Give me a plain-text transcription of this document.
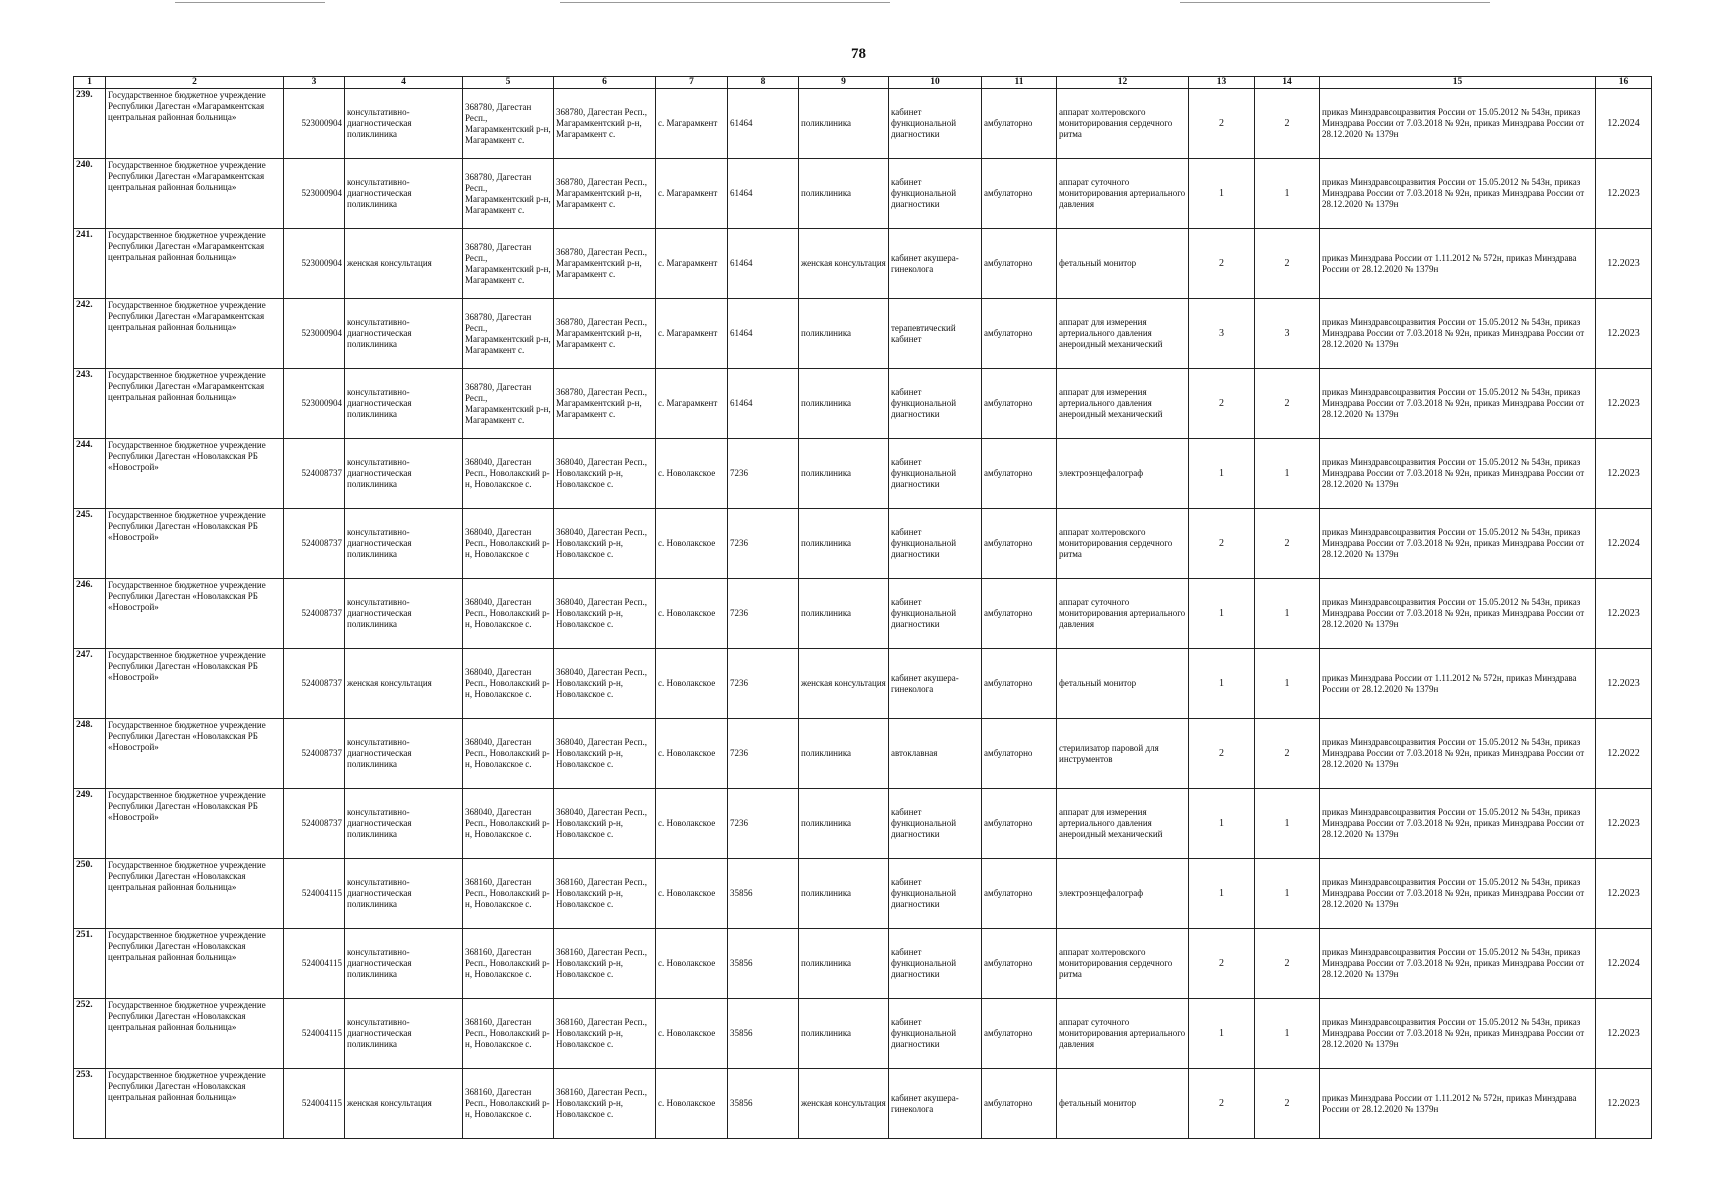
78
1	2	3	4	5	6	7	8	9	10	11	12	13	14	15	16
239.	Государственное бюджетное учреждение Республики Дагестан «Магарамкентская центральная районная больница»	523000904	консультативно-диагностическая поликлиника	368780, Дагестан Респ., Магарамкентский р-н, Магарамкент с.	368780, Дагестан Респ., Магарамкентский р-н, Магарамкент с.	с. Магарамкент	61464	поликлиника	кабинет функциональной диагностики	амбулаторно	аппарат холтеровского мониторирования сердечного ритма	2	2	приказ Минздравсоцразвития России от 15.05.2012 № 543н, приказ Минздрава России от 7.03.2018 № 92н, приказ Минздрава России от 28.12.2020 № 1379н	12.2024
240.	Государственное бюджетное учреждение Республики Дагестан «Магарамкентская центральная районная больница»	523000904	консультативно-диагностическая поликлиника	368780, Дагестан Респ., Магарамкентский р-н, Магарамкент с.	368780, Дагестан Респ., Магарамкентский р-н, Магарамкент с.	с. Магарамкент	61464	поликлиника	кабинет функциональной диагностики	амбулаторно	аппарат суточного мониторирования артериального давления	1	1	приказ Минздравсоцразвития России от 15.05.2012 № 543н, приказ Минздрава России от 7.03.2018 № 92н, приказ Минздрава России от 28.12.2020 № 1379н	12.2023
241.	Государственное бюджетное учреждение Республики Дагестан «Магарамкентская центральная районная больница»	523000904	женская консультация	368780, Дагестан Респ., Магарамкентский р-н, Магарамкент с.	368780, Дагестан Респ., Магарамкентский р-н, Магарамкент с.	с. Магарамкент	61464	женская консультация	кабинет акушера-гинеколога	амбулаторно	фетальный монитор	2	2	приказ Минздрава России от 1.11.2012 № 572н, приказ Минздрава России от 28.12.2020 № 1379н	12.2023
242.	Государственное бюджетное учреждение Республики Дагестан «Магарамкентская центральная районная больница»	523000904	консультативно-диагностическая поликлиника	368780, Дагестан Респ., Магарамкентский р-н, Магарамкент с.	368780, Дагестан Респ., Магарамкентский р-н, Магарамкент с.	с. Магарамкент	61464	поликлиника	терапевтический кабинет	амбулаторно	аппарат для измерения артериального давления анероидный механический	3	3	приказ Минздравсоцразвития России от 15.05.2012 № 543н, приказ Минздрава России от 7.03.2018 № 92н, приказ Минздрава России от 28.12.2020 № 1379н	12.2023
243.	Государственное бюджетное учреждение Республики Дагестан «Магарамкентская центральная районная больница»	523000904	консультативно-диагностическая поликлиника	368780, Дагестан Респ., Магарамкентский р-н, Магарамкент с.	368780, Дагестан Респ., Магарамкентский р-н, Магарамкент с.	с. Магарамкент	61464	поликлиника	кабинет функциональной диагностики	амбулаторно	аппарат для измерения артериального давления анероидный механический	2	2	приказ Минздравсоцразвития России от 15.05.2012 № 543н, приказ Минздрава России от 7.03.2018 № 92н, приказ Минздрава России от 28.12.2020 № 1379н	12.2023
244.	Государственное бюджетное учреждение Республики Дагестан «Новолакская РБ «Новострой»	524008737	консультативно-диагностическая поликлиника	368040, Дагестан Респ., Новолакский р-н, Новолакское с.	368040, Дагестан Респ., Новолакский р-н, Новолакское с.	с. Новолакское	7236	поликлиника	кабинет функциональной диагностики	амбулаторно	электроэнцефалограф	1	1	приказ Минздравсоцразвития России от 15.05.2012 № 543н, приказ Минздрава России от 7.03.2018 № 92н, приказ Минздрава России от 28.12.2020 № 1379н	12.2023
245.	Государственное бюджетное учреждение Республики Дагестан «Новолакская РБ «Новострой»	524008737	консультативно-диагностическая поликлиника	368040, Дагестан Респ., Новолакский р-н, Новолакское с	368040, Дагестан Респ., Новолакский р-н, Новолакское с.	с. Новолакское	7236	поликлиника	кабинет функциональной диагностики	амбулаторно	аппарат холтеровского мониторирования сердечного ритма	2	2	приказ Минздравсоцразвития России от 15.05.2012 № 543н, приказ Минздрава России от 7.03.2018 № 92н, приказ Минздрава России от 28.12.2020 № 1379н	12.2024
246.	Государственное бюджетное учреждение Республики Дагестан «Новолакская РБ «Новострой»	524008737	консультативно-диагностическая поликлиника	368040, Дагестан Респ., Новолакский р-н, Новолакское с.	368040, Дагестан Респ., Новолакский р-н, Новолакское с.	с. Новолакское	7236	поликлиника	кабинет функциональной диагностики	амбулаторно	аппарат суточного мониторирования артериального давления	1	1	приказ Минздравсоцразвития России от 15.05.2012 № 543н, приказ Минздрава России от 7.03.2018 № 92н, приказ Минздрава России от 28.12.2020 № 1379н	12.2023
247.	Государственное бюджетное учреждение Республики Дагестан «Новолакская РБ «Новострой»	524008737	женская консультация	368040, Дагестан Респ., Новолакский р-н, Новолакское с.	368040, Дагестан Респ., Новолакский р-н, Новолакское с.	с. Новолакское	7236	женская консультация	кабинет акушера-гинеколога	амбулаторно	фетальный монитор	1	1	приказ Минздрава России от 1.11.2012 № 572н, приказ Минздрава России от 28.12.2020 № 1379н	12.2023
248.	Государственное бюджетное учреждение Республики Дагестан «Новолакская РБ «Новострой»	524008737	консультативно-диагностическая поликлиника	368040, Дагестан Респ., Новолакский р-н, Новолакское с.	368040, Дагестан Респ., Новолакский р-н, Новолакское с.	с. Новолакское	7236	поликлиника	автоклавная	амбулаторно	стерилизатор паровой для инструментов	2	2	приказ Минздравсоцразвития России от 15.05.2012 № 543н, приказ Минздрава России от 7.03.2018 № 92н, приказ Минздрава России от 28.12.2020 № 1379н	12.2022
249.	Государственное бюджетное учреждение Республики Дагестан «Новолакская РБ «Новострой»	524008737	консультативно-диагностическая поликлиника	368040, Дагестан Респ., Новолакский р-н, Новолакское с.	368040, Дагестан Респ., Новолакский р-н, Новолакское с.	с. Новолакское	7236	поликлиника	кабинет функциональной диагностики	амбулаторно	аппарат для измерения артериального давления анероидный механический	1	1	приказ Минздравсоцразвития России от 15.05.2012 № 543н, приказ Минздрава России от 7.03.2018 № 92н, приказ Минздрава России от 28.12.2020 № 1379н	12.2023
250.	Государственное бюджетное учреждение Республики Дагестан «Новолакская центральная районная больница»	524004115	консультативно-диагностическая поликлиника	368160, Дагестан Респ., Новолакский р-н, Новолакское с.	368160, Дагестан Респ., Новолакский р-н, Новолакское с.	с. Новолакское	35856	поликлиника	кабинет функциональной диагностики	амбулаторно	электроэнцефалограф	1	1	приказ Минздравсоцразвития России от 15.05.2012 № 543н, приказ Минздрава России от 7.03.2018 № 92н, приказ Минздрава России от 28.12.2020 № 1379н	12.2023
251.	Государственное бюджетное учреждение Республики Дагестан «Новолакская центральная районная больница»	524004115	консультативно-диагностическая поликлиника	368160, Дагестан Респ., Новолакский р-н, Новолакское с.	368160, Дагестан Респ., Новолакский р-н, Новолакское с.	с. Новолакское	35856	поликлиника	кабинет функциональной диагностики	амбулаторно	аппарат холтеровского мониторирования сердечного ритма	2	2	приказ Минздравсоцразвития России от 15.05.2012 № 543н, приказ Минздрава России от 7.03.2018 № 92н, приказ Минздрава России от 28.12.2020 № 1379н	12.2024
252.	Государственное бюджетное учреждение Республики Дагестан «Новолакская центральная районная больница»	524004115	консультативно-диагностическая поликлиника	368160, Дагестан Респ., Новолакский р-н, Новолакское с.	368160, Дагестан Респ., Новолакский р-н, Новолакское с.	с. Новолакское	35856	поликлиника	кабинет функциональной диагностики	амбулаторно	аппарат суточного мониторирования артериального давления	1	1	приказ Минздравсоцразвития России от 15.05.2012 № 543н, приказ Минздрава России от 7.03.2018 № 92н, приказ Минздрава России от 28.12.2020 № 1379н	12.2023
253.	Государственное бюджетное учреждение Республики Дагестан «Новолакская центральная районная больница»	524004115	женская консультация	368160, Дагестан Респ., Новолакский р-н, Новолакское с.	368160, Дагестан Респ., Новолакский р-н, Новолакское с.	с. Новолакское	35856	женская консультация	кабинет акушера-гинеколога	амбулаторно	фетальный монитор	2	2	приказ Минздрава России от 1.11.2012 № 572н, приказ Минздрава России от 28.12.2020 № 1379н	12.2023
